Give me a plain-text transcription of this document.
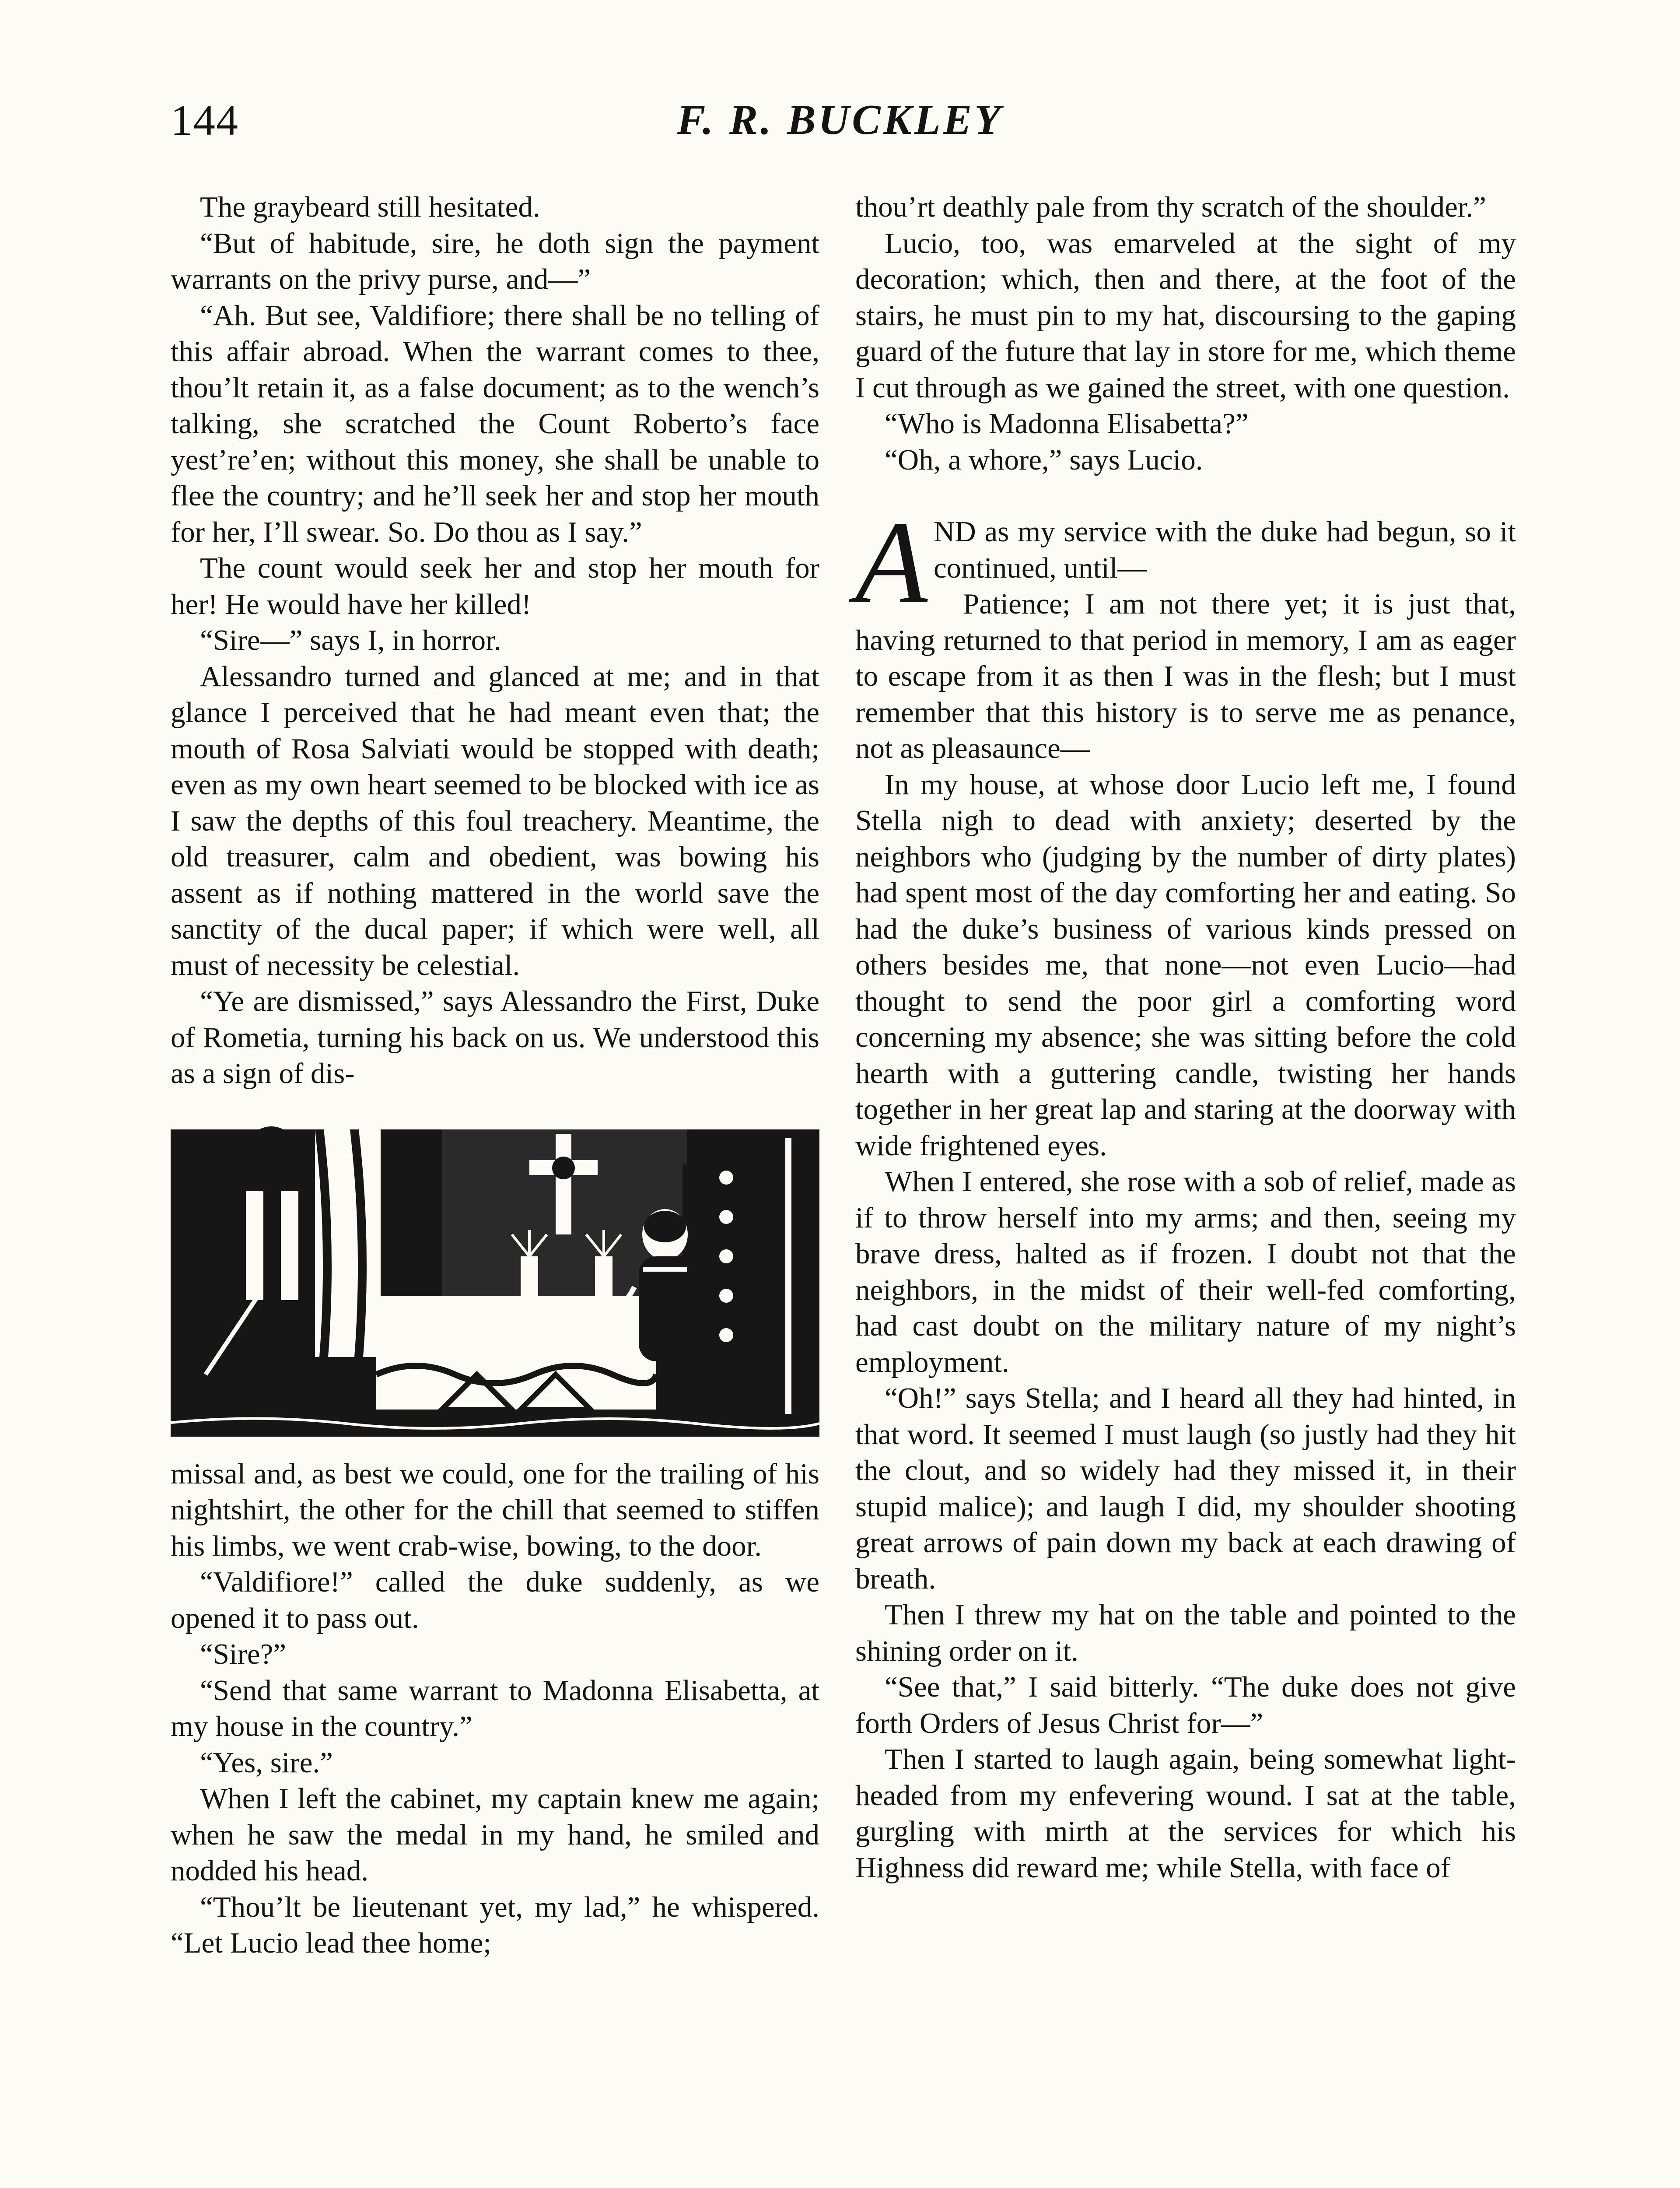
144	F. R. BUCKLEY

The graybeard still hesitated.

“But of habitude, sire, he doth sign the payment warrants on the privy purse, and—”

“Ah. But see, Valdifiore; there shall be no telling of this affair abroad. When the warrant comes to thee, thou’lt retain it, as a false document; as to the wench’s talking, she scratched the Count Roberto’s face yest’re’en; without this money, she shall be unable to flee the country; and he’ll seek her and stop her mouth for her, I’ll swear. So. Do thou as I say.”

The count would seek her and stop her mouth for her! He would have her killed!

“Sire—” says I, in horror.

Alessandro turned and glanced at me; and in that glance I perceived that he had meant even that; the mouth of Rosa Salviati would be stopped with death; even as my own heart seemed to be blocked with ice as I saw the depths of this foul treachery. Meantime, the old treasurer, calm and obedient, was bowing his assent as if nothing mattered in the world save the sanctity of the ducal paper; if which were well, all must of necessity be celestial.

“Ye are dismissed,” says Alessandro the First, Duke of Rometia, turning his back on us. We understood this as a sign of dis-

missal and, as best we could, one for the trailing of his nightshirt, the other for the chill that seemed to stiffen his limbs, we went crab-wise, bowing, to the door.

“Valdifiore!” called the duke suddenly, as we opened it to pass out.

“Sire?”

“Send that same warrant to Madonna Elisabetta, at my house in the country.”

“Yes, sire.”

When I left the cabinet, my captain knew me again; when he saw the medal in my hand, he smiled and nodded his head.

“Thou’lt be lieutenant yet, my lad,” he whispered. “Let Lucio lead thee home;

thou’rt deathly pale from thy scratch of the shoulder.”

Lucio, too, was emarveled at the sight of my decoration; which, then and there, at the foot of the stairs, he must pin to my hat, discoursing to the gaping guard of the future that lay in store for me, which theme I cut through as we gained the street, with one question.

“Who is Madonna Elisabetta?”

“Oh, a whore,” says Lucio.

AND as my service with the duke had begun, so it continued, until—

Patience; I am not there yet; it is just that, having returned to that period in memory, I am as eager to escape from it as then I was in the flesh; but I must remember that this history is to serve me as penance, not as pleasaunce—

In my house, at whose door Lucio left me, I found Stella nigh to dead with anxiety; deserted by the neighbors who (judging by the number of dirty plates) had spent most of the day comforting her and eating. So had the duke’s business of various kinds pressed on others besides me, that none—not even Lucio—had thought to send the poor girl a comforting word concerning my absence; she was sitting before the cold hearth with a guttering candle, twisting her hands together in her great lap and staring at the doorway with wide frightened eyes.

When I entered, she rose with a sob of relief, made as if to throw herself into my arms; and then, seeing my brave dress, halted as if frozen. I doubt not that the neighbors, in the midst of their well-fed comforting, had cast doubt on the military nature of my night’s employment.

“Oh!” says Stella; and I heard all they had hinted, in that word. It seemed I must laugh (so justly had they hit the clout, and so widely had they missed it, in their stupid malice); and laugh I did, my shoulder shooting great arrows of pain down my back at each drawing of breath.

Then I threw my hat on the table and pointed to the shining order on it.

“See that,” I said bitterly. “The duke does not give forth Orders of Jesus Christ for—”

Then I started to laugh again, being somewhat light-headed from my enfevering wound. I sat at the table, gurgling with mirth at the services for which his Highness did reward me; while Stella, with face of
